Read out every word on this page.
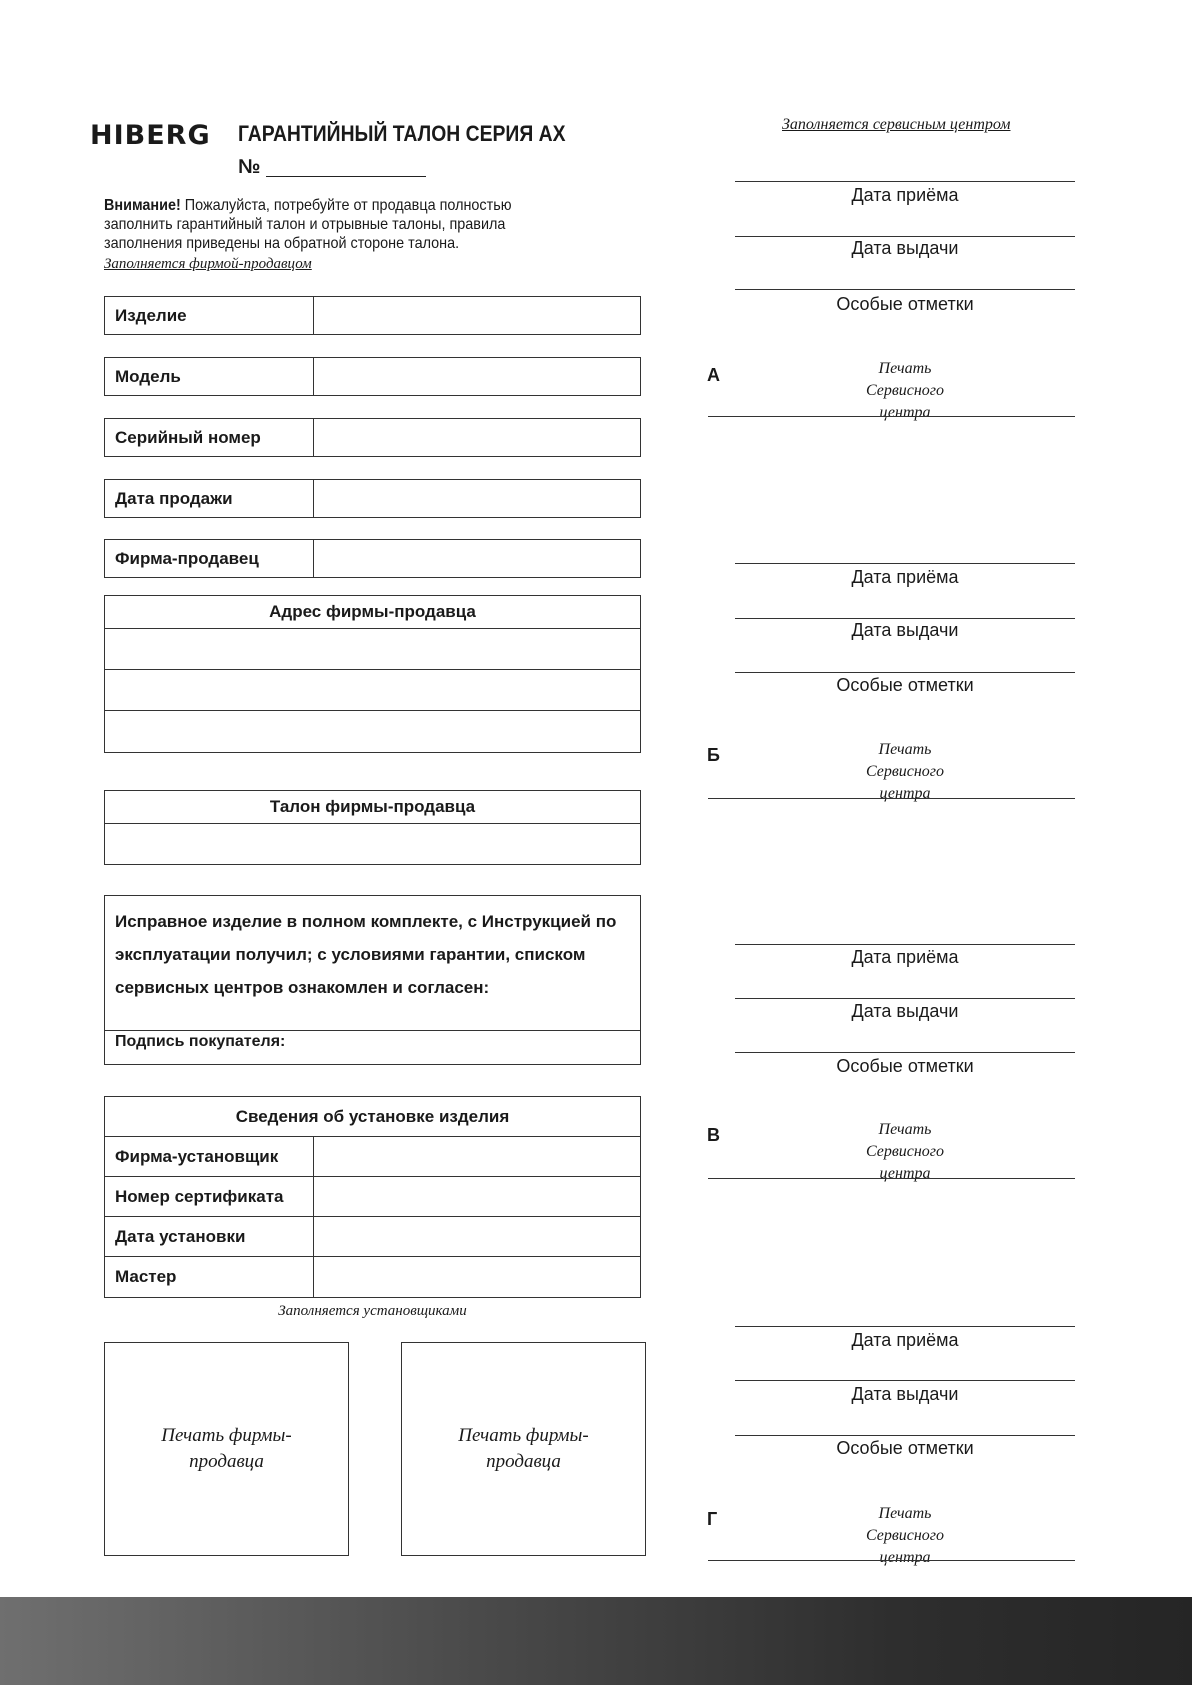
HIBERG ГАРАНТИЙНЫЙ ТАЛОН СЕРИЯ АХ
№
Внимание! Пожалуйста, потребуйте от продавца полностью заполнить гарантийный талон и отрывные талоны, правила заполнения приведены на обратной стороне талона.
Заполняется фирмой-продавцом
Изделие
Модель
Серийный номер
Дата продажи
Фирма-продавец
Адрес фирмы-продавца
Талон фирмы-продавца
Исправное изделие в полном комплекте, с Инструкцией по эксплуатации получил; с условиями гарантии, списком сервисных центров ознакомлен и согласен:
Подпись покупателя:
Сведения об установке изделия
Фирма-установщик
Номер сертификата
Дата установки
Мастер
Заполняется установщиками
Печать фирмы-продавца
Печать фирмы-продавца
Заполняется сервисным центром
Дата приёма
Дата выдачи
Особые отметки
А	Печать Сервисного центра
Дата приёма
Дата выдачи
Особые отметки
Б	Печать Сервисного центра
Дата приёма
Дата выдачи
Особые отметки
В	Печать Сервисного центра
Дата приёма
Дата выдачи
Особые отметки
Г	Печать Сервисного центра
